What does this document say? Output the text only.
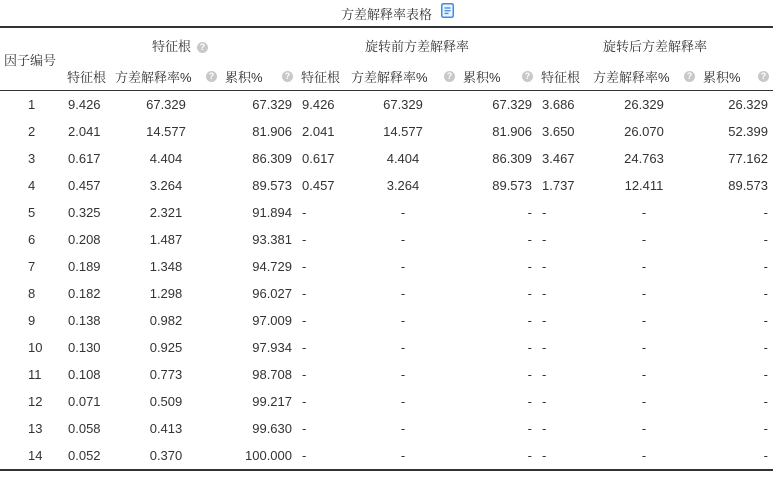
方差解释率表格
因子编号	特征根 ?			旋转前方差解释率			旋转后方差解释率		

	特征根	方差解释率% ?	累积% ?	特征根	方差解释率% ?	累积% ?	特征根	方差解释率% ?	累积% ?

1	9.426	67.329	67.329	9.426	67.329	67.329	3.686	26.329	26.329
2	2.041	14.577	81.906	2.041	14.577	81.906	3.650	26.070	52.399
3	0.617	4.404	86.309	0.617	4.404	86.309	3.467	24.763	77.162
4	0.457	3.264	89.573	0.457	3.264	89.573	1.737	12.411	89.573
5	0.325	2.321	91.894	-	-	-	-	-	-
6	0.208	1.487	93.381	-	-	-	-	-	-
7	0.189	1.348	94.729	-	-	-	-	-	-
8	0.182	1.298	96.027	-	-	-	-	-	-
9	0.138	0.982	97.009	-	-	-	-	-	-
10	0.130	0.925	97.934	-	-	-	-	-	-
11	0.108	0.773	98.708	-	-	-	-	-	-
12	0.071	0.509	99.217	-	-	-	-	-	-
13	0.058	0.413	99.630	-	-	-	-	-	-
14	0.052	0.370	100.000	-	-	-	-	-	-
